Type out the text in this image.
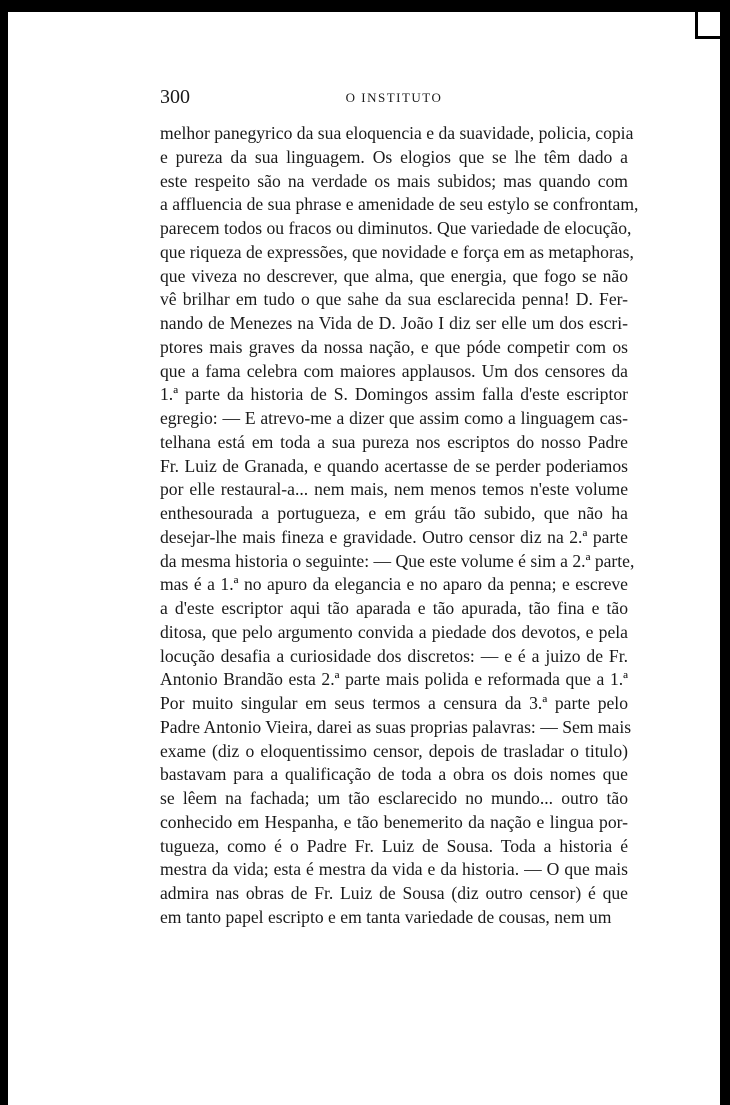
300	O INSTITUTO
melhor panegyrico da sua eloquencia e da suavidade, policia, copia
e pureza da sua linguagem. Os elogios que se lhe têm dado a
este respeito são na verdade os mais subidos; mas quando com
a affluencia de sua phrase e amenidade de seu estylo se confrontam,
parecem todos ou fracos ou diminutos. Que variedade de elocução,
que riqueza de expressões, que novidade e força em as metaphoras,
que viveza no descrever, que alma, que energia, que fogo se não
vê brilhar em tudo o que sahe da sua esclarecida penna! D. Fer-
nando de Menezes na Vida de D. João I diz ser elle um dos escri-
ptores mais graves da nossa nação, e que póde competir com os
que a fama celebra com maiores applausos. Um dos censores da
1.ª parte da historia de S. Domingos assim falla d'este escriptor
egregio: — E atrevo-me a dizer que assim como a linguagem cas-
telhana está em toda a sua pureza nos escriptos do nosso Padre
Fr. Luiz de Granada, e quando acertasse de se perder poderiamos
por elle restaural-a... nem mais, nem menos temos n'este volume
enthesourada a portugueza, e em gráu tão subido, que não ha
desejar-lhe mais fineza e gravidade. Outro censor diz na 2.ª parte
da mesma historia o seguinte: — Que este volume é sim a 2.ª parte,
mas é a 1.ª no apuro da elegancia e no aparo da penna; e escreve
a d'este escriptor aqui tão aparada e tão apurada, tão fina e tão
ditosa, que pelo argumento convida a piedade dos devotos, e pela
locução desafia a curiosidade dos discretos: — e é a juizo de Fr.
Antonio Brandão esta 2.ª parte mais polida e reformada que a 1.ª
Por muito singular em seus termos a censura da 3.ª parte pelo
Padre Antonio Vieira, darei as suas proprias palavras: — Sem mais
exame (diz o eloquentissimo censor, depois de trasladar o titulo)
bastavam para a qualificação de toda a obra os dois nomes que
se lêem na fachada; um tão esclarecido no mundo... outro tão
conhecido em Hespanha, e tão benemerito da nação e lingua por-
tugueza, como é o Padre Fr. Luiz de Sousa. Toda a historia é
mestra da vida; esta é mestra da vida e da historia. — O que mais
admira nas obras de Fr. Luiz de Sousa (diz outro censor) é que
em tanto papel escripto e em tanta variedade de cousas, nem um
